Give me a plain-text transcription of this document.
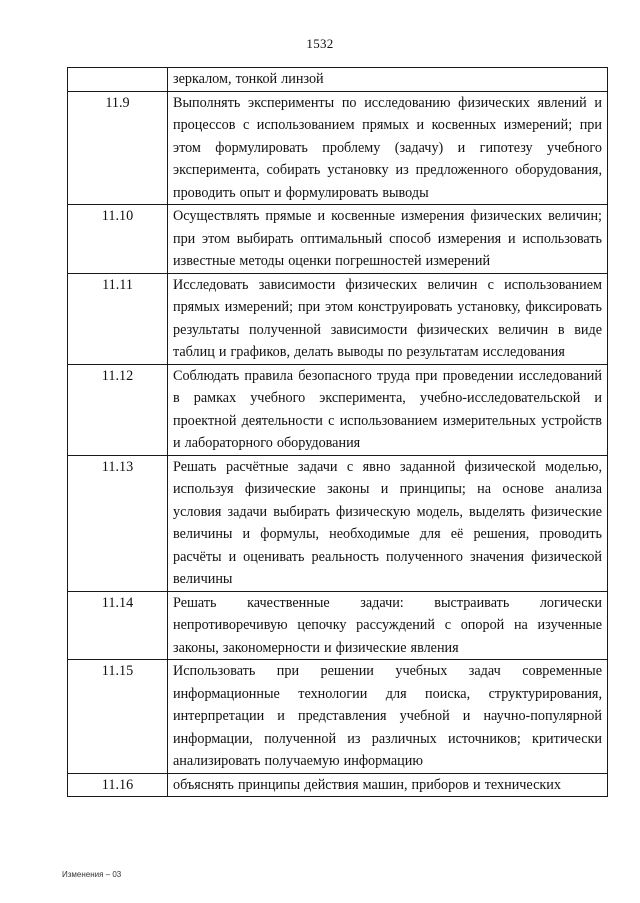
1532
	зеркалом, тонкой линзой
11.9	Выполнять эксперименты по исследованию физических явлений и процессов с использованием прямых и косвенных измерений; при этом формулировать проблему (задачу) и гипотезу учебного эксперимента, собирать установку из предложенного оборудования, проводить опыт и формулировать выводы
11.10	Осуществлять прямые и косвенные измерения физических величин; при этом выбирать оптимальный способ измерения и использовать известные методы оценки погрешностей измерений
11.11	Исследовать зависимости физических величин с использованием прямых измерений; при этом конструировать установку, фиксировать результаты полученной зависимости физических величин в виде таблиц и графиков, делать выводы по результатам исследования
11.12	Соблюдать правила безопасного труда при проведении исследований в рамках учебного эксперимента, учебно-исследовательской и проектной деятельности с использованием измерительных устройств и лабораторного оборудования
11.13	Решать расчётные задачи с явно заданной физической моделью, используя физические законы и принципы; на основе анализа условия задачи выбирать физическую модель, выделять физические величины и формулы, необходимые для её решения, проводить расчёты и оценивать реальность полученного значения физической величины
11.14	Решать качественные задачи: выстраивать логически непротиворечивую цепочку рассуждений с опорой на изученные законы, закономерности и физические явления
11.15	Использовать при решении учебных задач современные информационные технологии для поиска, структурирования, интерпретации и представления учебной и научно-популярной информации, полученной из различных источников; критически анализировать получаемую информацию
11.16	объяснять принципы действия машин, приборов и технических
Изменения – 03
